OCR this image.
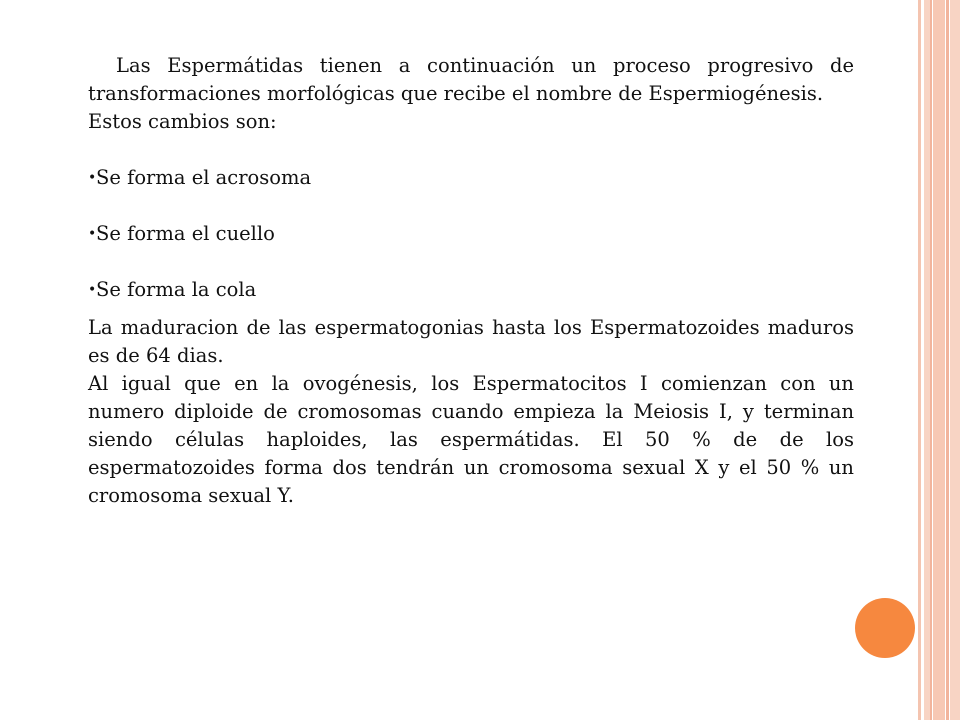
Las Espermátidas tienen a continuación un proceso progresivo de transformaciones morfológicas que recibe el nombre de Espermiogénesis.

Estos cambios son:

• Se forma el acrosoma

• Se forma el cuello

• Se forma la cola

La maduracion de las espermatogonias hasta los Espermatozoides maduros es de 64 dias.

Al igual que en la ovogénesis, los Espermatocitos I comienzan con un numero diploide de cromosomas cuando empieza la Meiosis I, y terminan siendo células haploides, las espermátidas. El 50 % de de los espermatozoides forma dos tendrán un cromosoma sexual X y el 50 % un cromosoma sexual Y.
